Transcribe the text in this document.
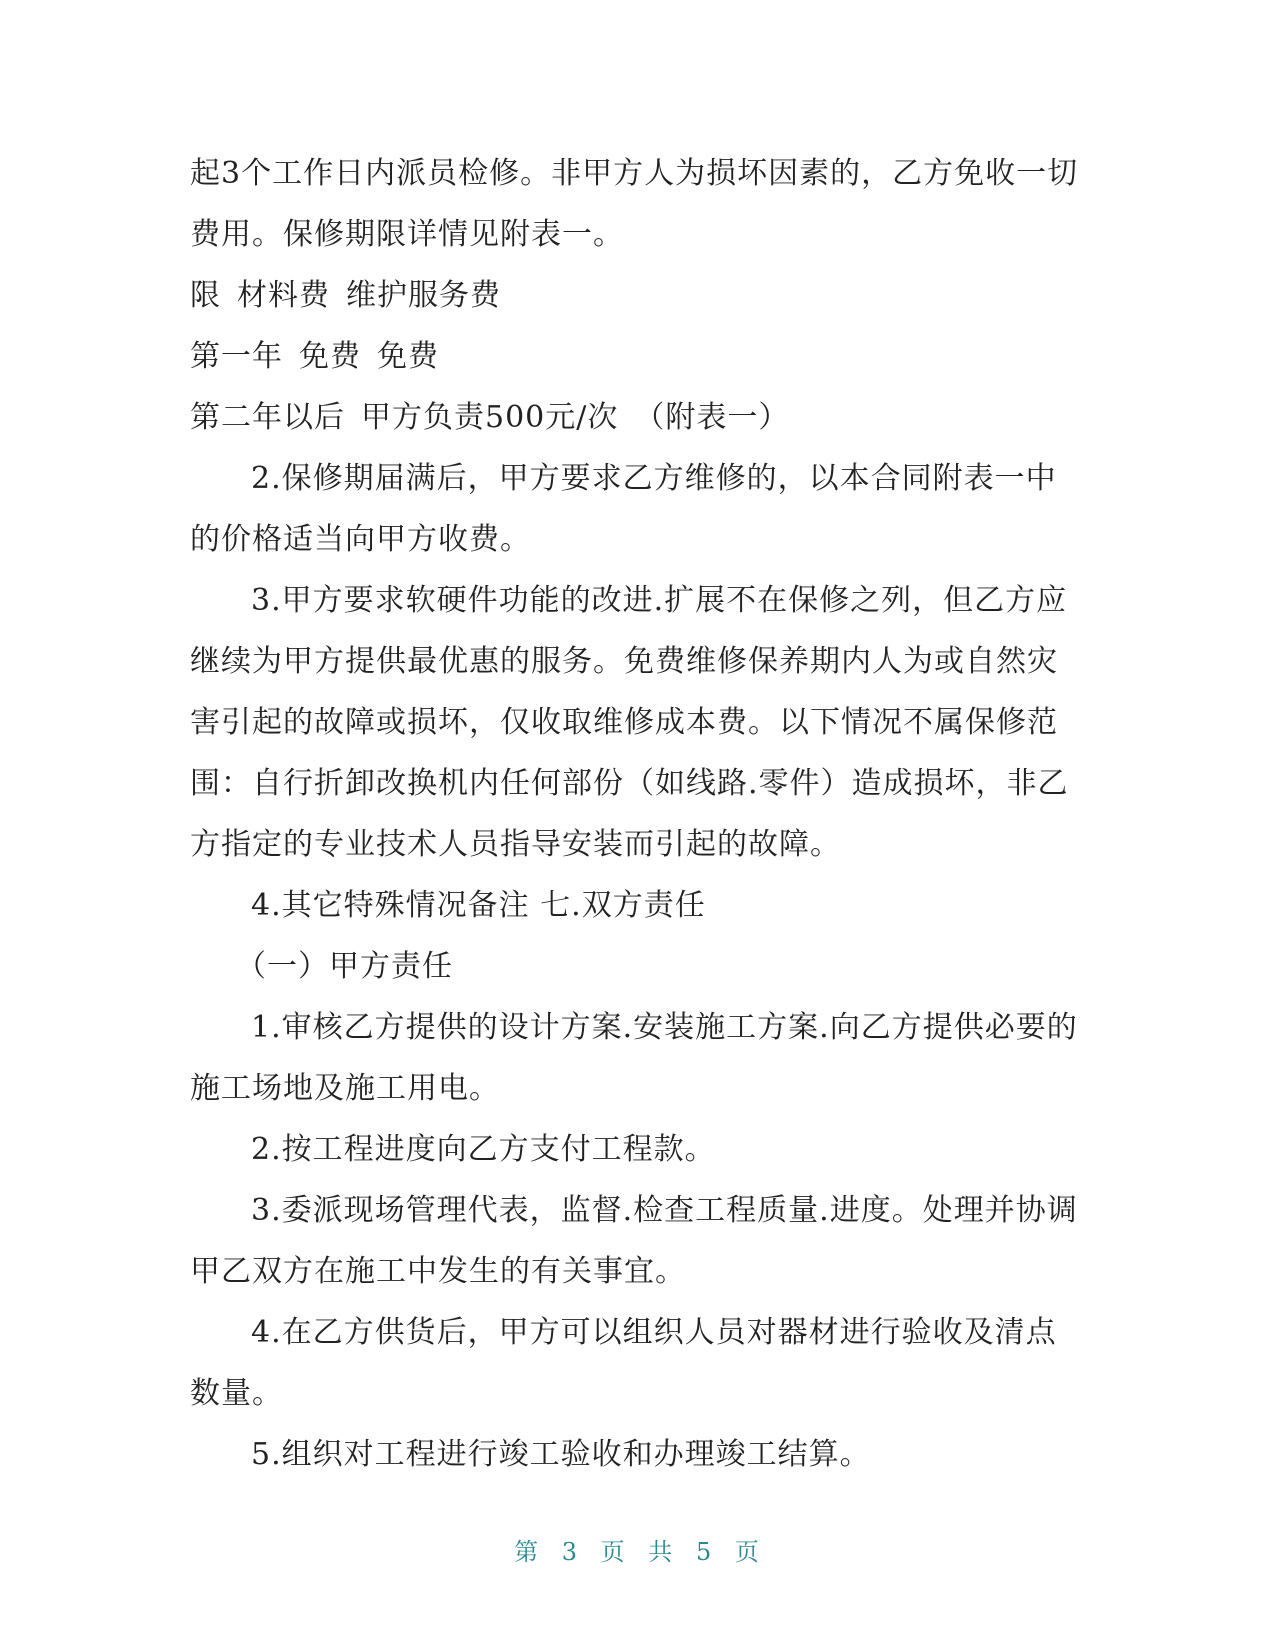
起3个工作日内派员检修。非甲方人为损坏因素的，乙方免收一切费用。保修期限详情见附表一。

限 材料费 维护服务费

第一年 免费 免费

第二年以后 甲方负责500元/次 （附表一）

2.保修期届满后，甲方要求乙方维修的，以本合同附表一中的价格适当向甲方收费。

3.甲方要求软硬件功能的改进.扩展不在保修之列，但乙方应继续为甲方提供最优惠的服务。免费维修保养期内人为或自然灾害引起的故障或损坏，仅收取维修成本费。以下情况不属保修范围：自行折卸改换机内任何部份（如线路.零件）造成损坏，非乙方指定的专业技术人员指导安装而引起的故障。

4.其它特殊情况备注 七.双方责任

（一）甲方责任

1.审核乙方提供的设计方案.安装施工方案.向乙方提供必要的施工场地及施工用电。

2.按工程进度向乙方支付工程款。

3.委派现场管理代表，监督.检查工程质量.进度。处理并协调甲乙双方在施工中发生的有关事宜。

4.在乙方供货后，甲方可以组织人员对器材进行验收及清点数量。

5.组织对工程进行竣工验收和办理竣工结算。

第 3 页 共 5 页
